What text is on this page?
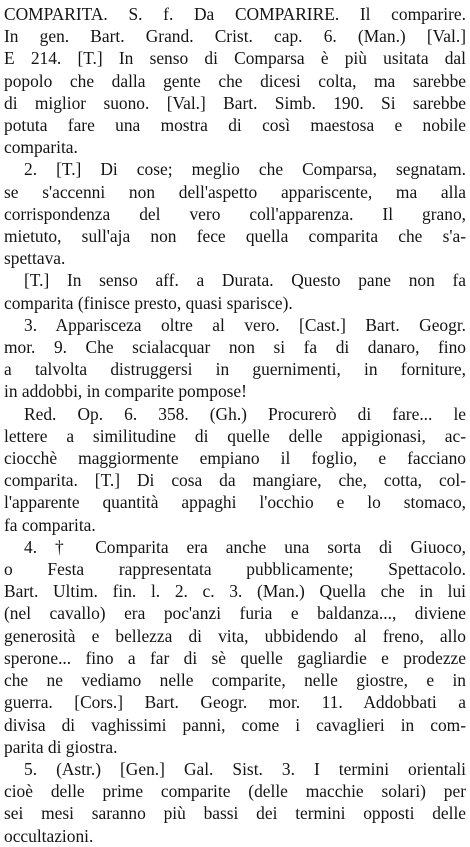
COMPARITA. S. f. Da COMPARIRE. Il comparire.
In gen. Bart. Grand. Crist. cap. 6. (Man.) [Val.]
E 214. [T.] In senso di Comparsa è più usitata dal
popolo che dalla gente che dicesi colta, ma sarebbe
di miglior suono. [Val.] Bart. Simb. 190. Si sarebbe
potuta fare una mostra di così maestosa e nobile
comparita.
2. [T.] Di cose; meglio che Comparsa, segnatam.
se s'accenni non dell'aspetto appariscente, ma alla
corrispondenza del vero coll'apparenza. Il grano,
mietuto, sull'aja non fece quella comparita che s'a-
spettava.
[T.] In senso aff. a Durata. Questo pane non fa
comparita (finisce presto, quasi sparisce).
3. Apparisceza oltre al vero. [Cast.] Bart. Geogr.
mor. 9. Che scialacquar non si fa di danaro, fino
a talvolta distruggersi in guernimenti, in forniture,
in addobbi, in comparite pompose!
Red. Op. 6. 358. (Gh.) Procurerò di fare... le
lettere a similitudine di quelle delle appigionasi, ac-
ciocchè maggiormente empiano il foglio, e facciano
comparita. [T.] Di cosa da mangiare, che, cotta, col-
l'apparente quantità appaghi l'occhio e lo stomaco,
fa comparita.
4. † Comparita era anche una sorta di Giuoco,
o Festa rappresentata pubblicamente; Spettacolo.
Bart. Ultim. fin. l. 2. c. 3. (Man.) Quella che in lui
(nel cavallo) era poc'anzi furia e baldanza..., diviene
generosità e bellezza di vita, ubbidendo al freno, allo
sperone... fino a far di sè quelle gagliardie e prodezze
che ne vediamo nelle comparite, nelle giostre, e in
guerra. [Cors.] Bart. Geogr. mor. 11. Addobbati a
divisa di vaghissimi panni, come i cavaglieri in com-
parita di giostra.
5. (Astr.) [Gen.] Gal. Sist. 3. I termini orientali
cioè delle prime comparite (delle macchie solari) per
sei mesi saranno più bassi dei termini opposti delle
occultazioni.
